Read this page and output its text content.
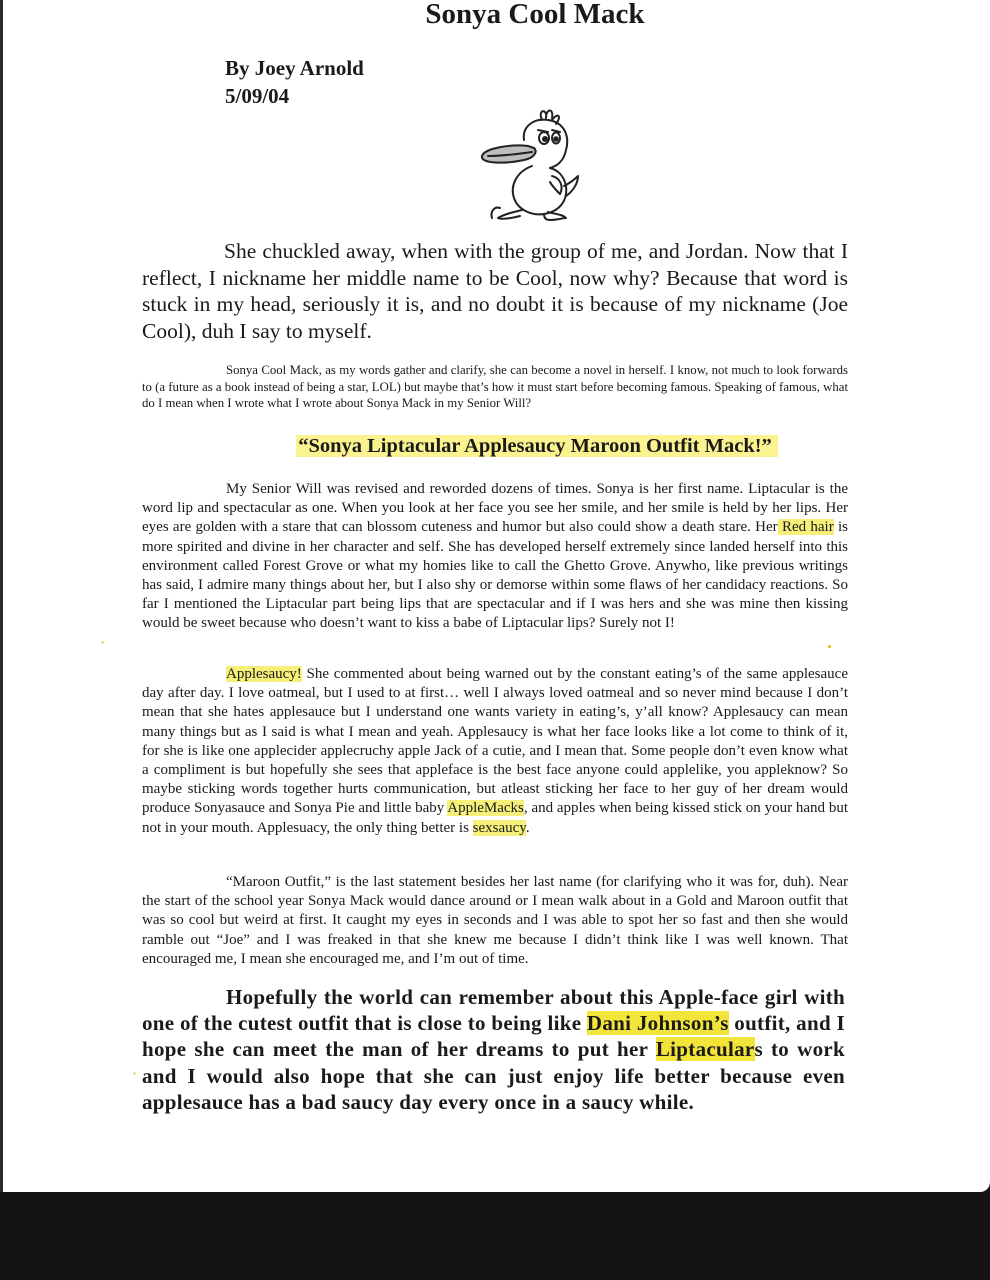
Sonya Cool Mack
By Joey Arnold
5/09/04

She chuckled away, when with the group of me, and Jordan. Now that I reflect, I nickname her middle name to be Cool, now why? Because that word is stuck in my head, seriously it is, and no doubt it is because of my nickname (Joe Cool), duh I say to myself.

Sonya Cool Mack, as my words gather and clarify, she can become a novel in herself. I know, not much to look forwards to (a future as a book instead of being a star, LOL) but maybe that’s how it must start before becoming famous. Speaking of famous, what do I mean when I wrote what I wrote about Sonya Mack in my Senior Will?

“Sonya Liptacular Applesaucy Maroon Outfit Mack!”

My Senior Will was revised and reworded dozens of times. Sonya is her first name. Liptacular is the word lip and spectacular as one. When you look at her face you see her smile, and her smile is held by her lips. Her eyes are golden with a stare that can blossom cuteness and humor but also could show a death stare. Her Red hair is more spirited and divine in her character and self. She has developed herself extremely since landed herself into this environment called Forest Grove or what my homies like to call the Ghetto Grove. Anywho, like previous writings has said, I admire many things about her, but I also shy or demorse within some flaws of her candidacy reactions. So far I mentioned the Liptacular part being lips that are spectacular and if I was hers and she was mine then kissing would be sweet because who doesn’t want to kiss a babe of Liptacular lips? Surely not I!

Applesaucy! She commented about being warned out by the constant eating’s of the same applesauce day after day. I love oatmeal, but I used to at first… well I always loved oatmeal and so never mind because I don’t mean that she hates applesauce but I understand one wants variety in eating’s, y’all know? Applesaucy can mean many things but as I said is what I mean and yeah. Applesaucy is what her face looks like a lot come to think of it, for she is like one applecider applecruchy apple Jack of a cutie, and I mean that. Some people don’t even know what a compliment is but hopefully she sees that appleface is the best face anyone could applelike, you appleknow? So maybe sticking words together hurts communication, but atleast sticking her face to her guy of her dream would produce Sonyasauce and Sonya Pie and little baby AppleMacks, and apples when being kissed stick on your hand but not in your mouth. Applesuacy, the only thing better is sexsaucy.

“Maroon Outfit,” is the last statement besides her last name (for clarifying who it was for, duh). Near the start of the school year Sonya Mack would dance around or I mean walk about in a Gold and Maroon outfit that was so cool but weird at first. It caught my eyes in seconds and I was able to spot her so fast and then she would ramble out “Joe” and I was freaked in that she knew me because I didn’t think like I was well known. That encouraged me, I mean she encouraged me, and I’m out of time.

Hopefully the world can remember about this Apple-face girl with one of the cutest outfit that is close to being like Dani Johnson’s outfit, and I hope she can meet the man of her dreams to put her Liptaculars to work and I would also hope that she can just enjoy life better because even applesauce has a bad saucy day every once in a saucy while.
